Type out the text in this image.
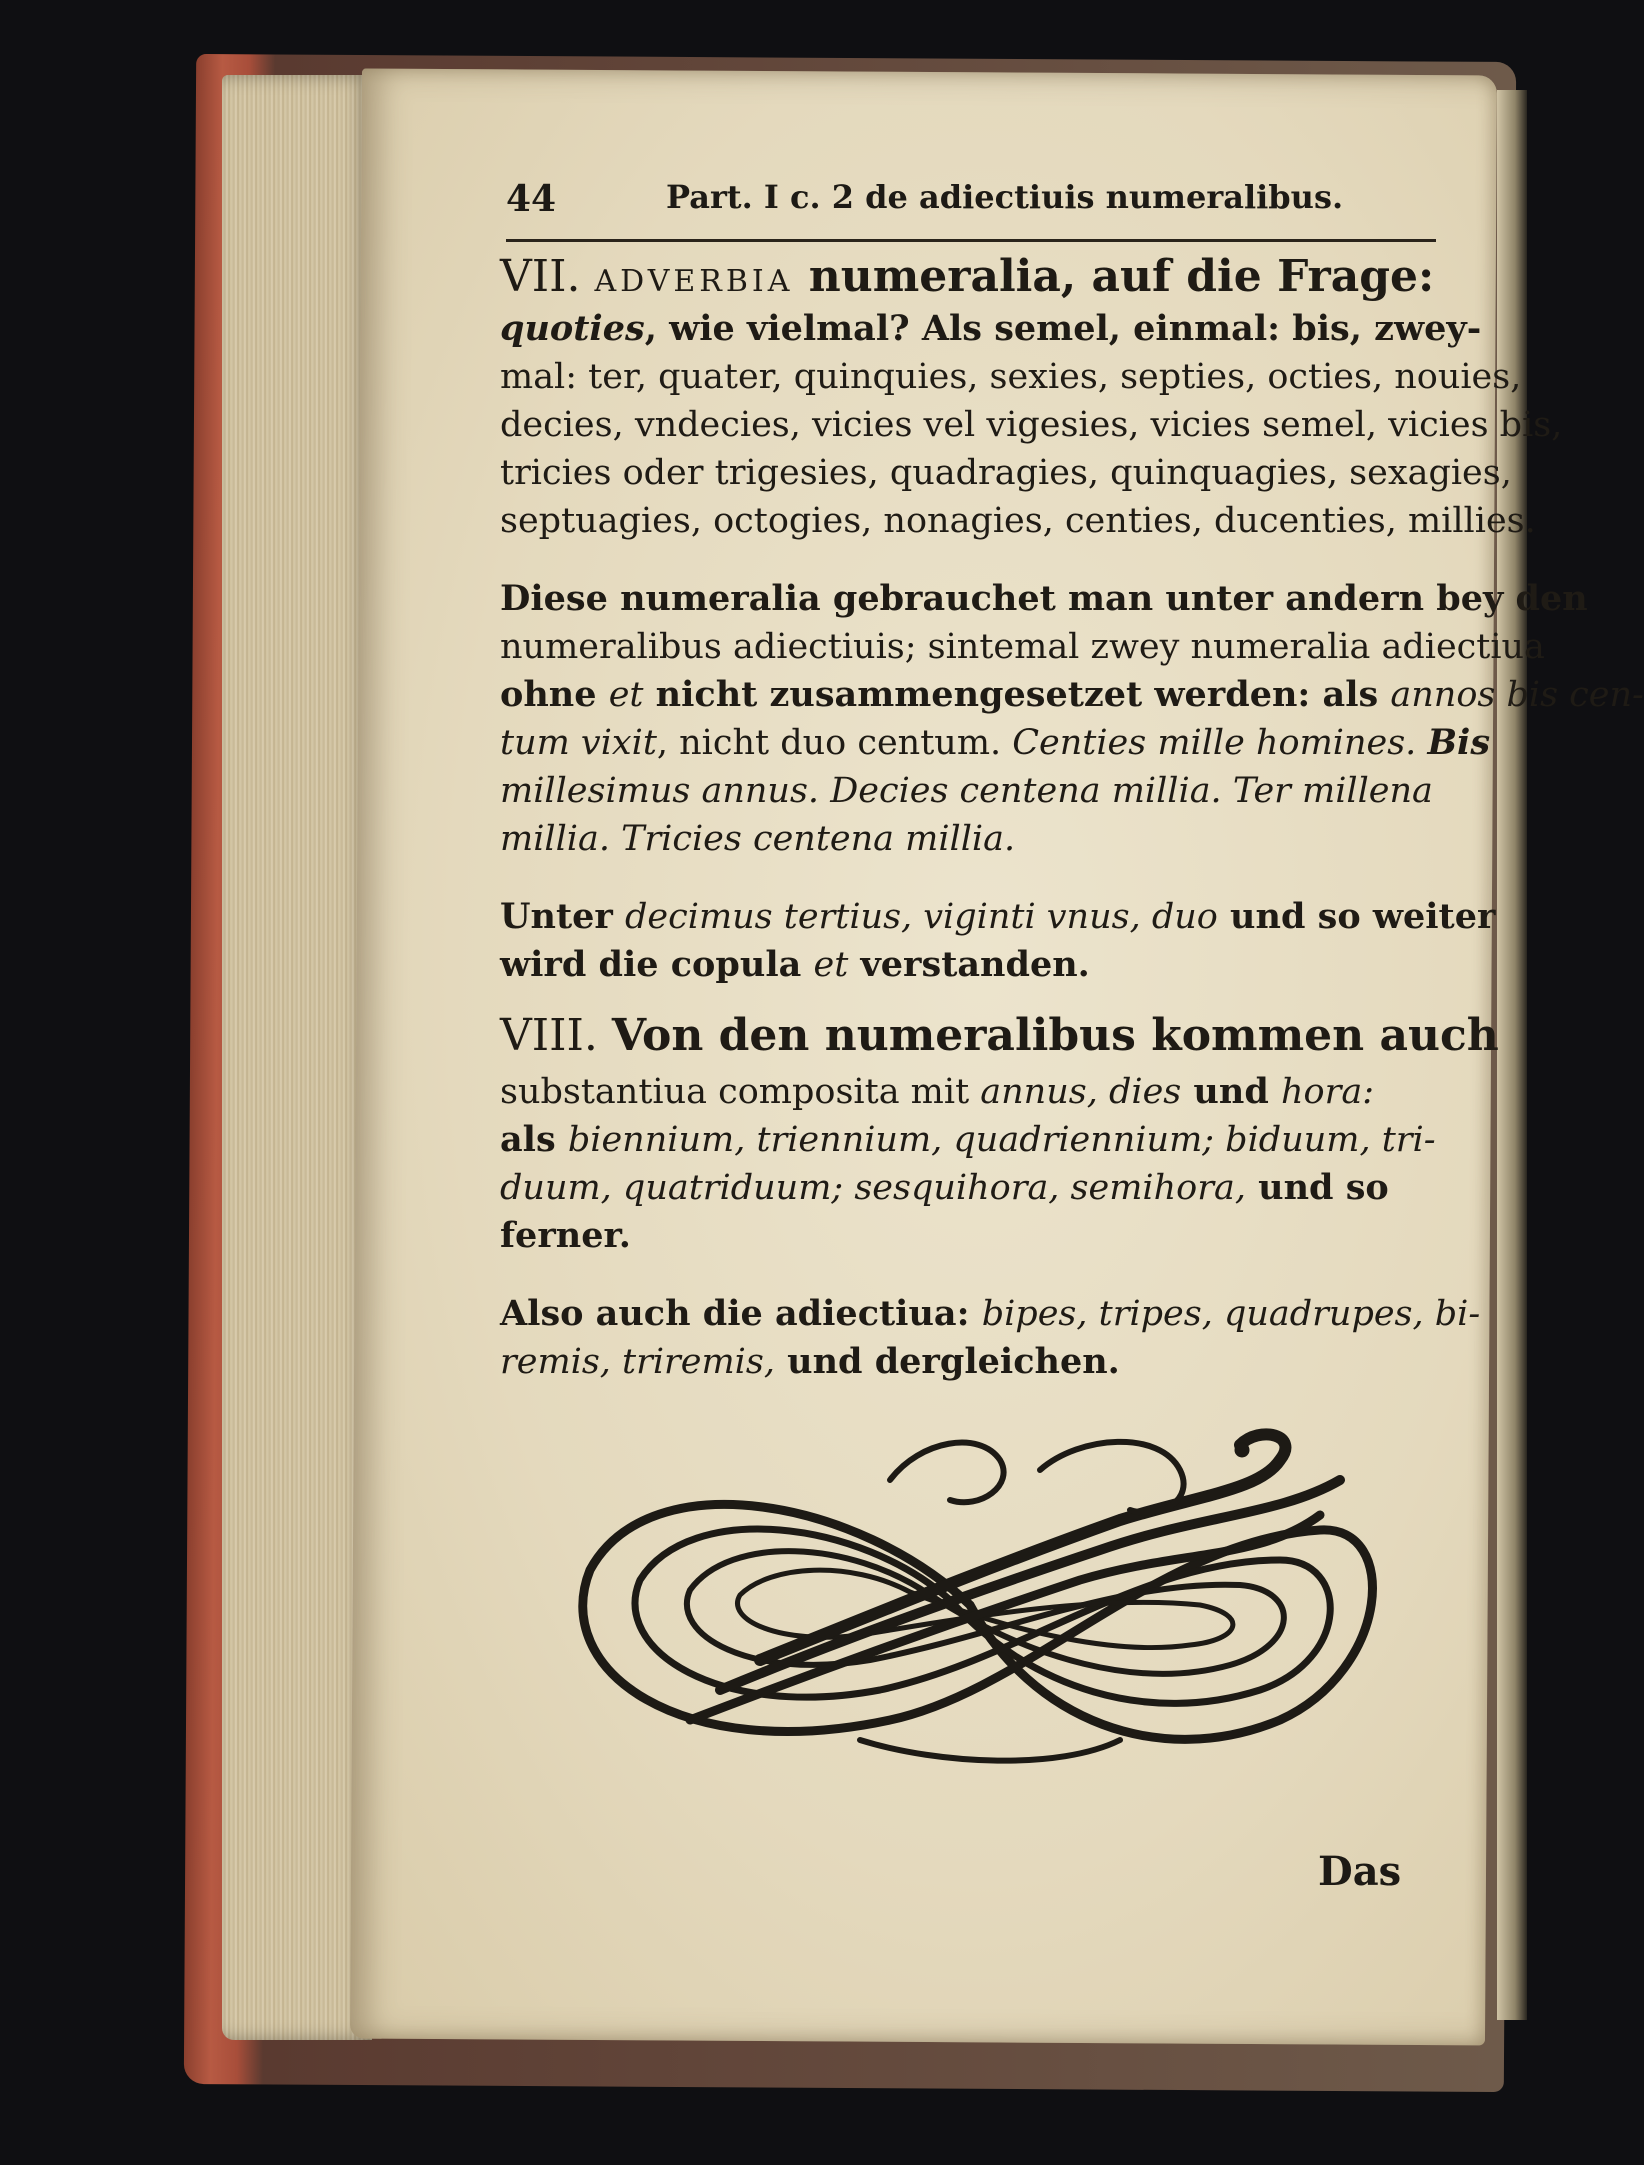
44	Part. I c. 2 de adiectiuis numeralibus.
VII. ADVERBIA numeralia, auf die Frage:
quoties, wie vielmal? Als semel, einmal: bis, zwey-
mal: ter, quater, quinquies, sexies, septies, octies, nouies,
decies, vndecies, vicies vel vigesies, vicies semel, vicies bis,
tricies oder trigesies, quadragies, quinquagies, sexagies,
septuagies, octogies, nonagies, centies, ducenties, millies.
Diese numeralia gebrauchet man unter andern bey den
numeralibus adiectiuis; sintemal zwey numeralia adiectiua
ohne et nicht zusammengesetzet werden: als annos bis cen-
tum vixit, nicht duo centum. Centies mille homines. Bis
millesimus annus. Decies centena millia. Ter millena
millia. Tricies centena millia.
Unter decimus tertius, viginti vnus, duo und so weiter
wird die copula et verstanden.
VIII. Von den numeralibus kommen auch
substantiua composita mit annus, dies und hora:
als biennium, triennium, quadriennium; biduum, tri-
duum, quatriduum; sesquihora, semihora, und so
ferner.
Also auch die adiectiua: bipes, tripes, quadrupes, bi-
remis, triremis, und dergleichen.
Das
